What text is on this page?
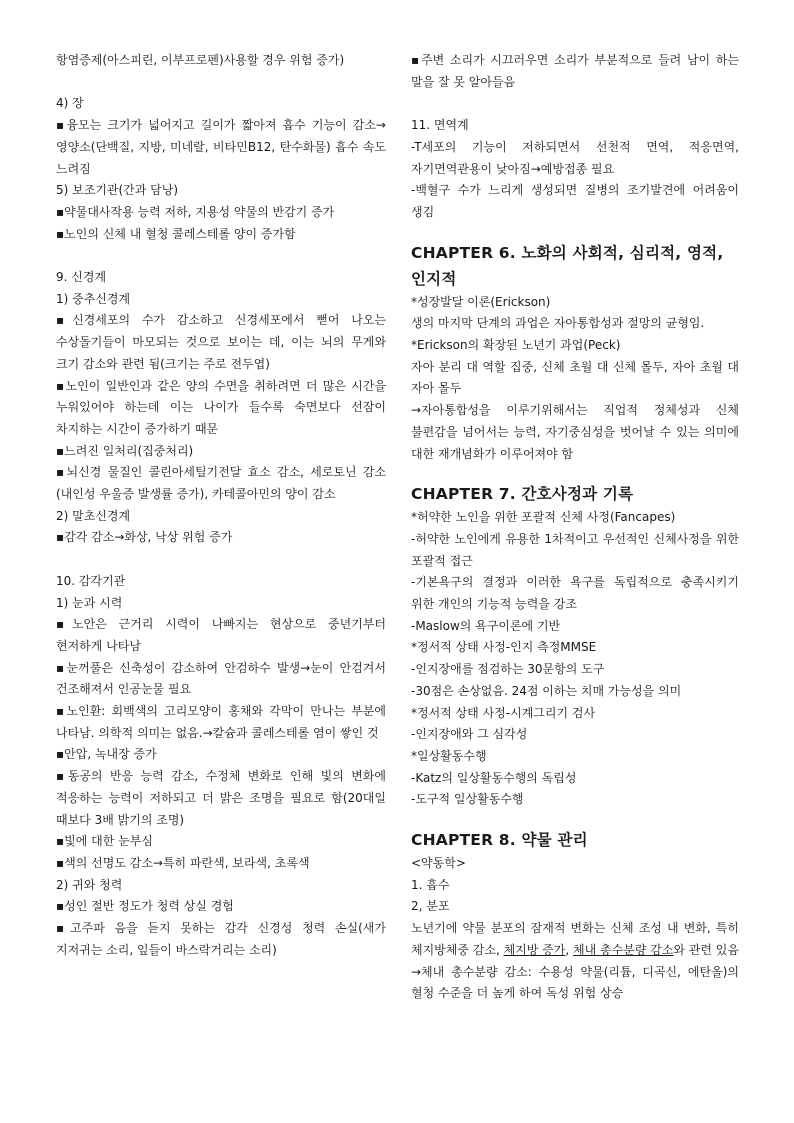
항염증제(아스피린, 이부프로펜)사용할 경우 위험 증가)

4) 장

▪융모는 크기가 넓어지고 길이가 짧아져 흡수 기능이 감소→영양소(단백질, 지방, 미네랄, 비타민B12, 탄수화물) 흡수 속도 느려짐

5) 보조기관(간과 담낭)

▪약물대사작용 능력 저하, 지용성 약물의 반감기 증가

▪노인의 신체 내 혈청 콜레스테롤 양이 증가함

9. 신경계

1) 중추신경계

▪신경세포의 수가 감소하고 신경세포에서 뻗어 나오는 수상돌기들이 마모되는 것으로 보이는 데, 이는 뇌의 무게와 크기 감소와 관련 됨(크기는 주로 전두엽)

▪노인이 일반인과 같은 양의 수면을 취하려면 더 많은 시간을 누워있어야 하는데 이는 나이가 들수록 숙면보다 선잠이 차지하는 시간이 증가하기 때문

▪느려진 일처리(집중처리)

▪뇌신경 물질인 콜린아세틸기전달 효소 감소, 세로토닌 감소(내인성 우울증 발생률 증가), 카테콜아민의 양이 감소

2) 말초신경계

▪감각 감소→화상, 낙상 위험 증가

10. 감각기관

1) 눈과 시력

▪노안은 근거리 시력이 나빠지는 현상으로 중년기부터 현저하게 나타남

▪눈꺼풀은 신축성이 감소하여 안검하수 발생→눈이 안검겨서 건조해져서 인공눈물 필요

▪노인환: 회백색의 고리모양이 홍채와 각막이 만나는 부분에 나타남. 의학적 의미는 없음.→칼슘과 콜레스테롤 염이 쌓인 것

▪안압, 녹내장 증가

▪동공의 반응 능력 감소, 수정체 변화로 인해 빛의 변화에 적응하는 능력이 저하되고 더 밝은 조명을 필요로 함(20대일 때보다 3배 밝기의 조명)

▪빛에 대한 눈부심

▪색의 선명도 감소→특히 파란색, 보라색, 초록색

2) 귀와 청력

▪성인 절반 정도가 청력 상실 경험

▪고주파 음을 듣지 못하는 감각 신경성 청력 손실(새가 지저귀는 소리, 잎들이 바스락거리는 소리)

▪주변 소리가 시끄러우면 소리가 부분적으로 들려 남이 하는 말을 잘 못 알아들음

11. 면역계

-T세포의 기능이 저하되면서 선천적 면역, 적응면역, 자기면역관용이 낮아짐→예방접종 필요

-백혈구 수가 느리게 생성되면 질병의 조기발견에 어려움이 생김

CHAPTER 6. 노화의 사회적, 심리적, 영적, 인지적

*성장발달 이론(Erickson)

생의 마지막 단계의 과업은 자아통합성과 절망의 균형임.

*Erickson의 확장된 노년기 과업(Peck)

자아 분리 대 역할 집중, 신체 초월 대 신체 몰두, 자아 초월 대 자아 몰두

→자아통합성을 이루기위해서는 직업적 정체성과 신체 불편감을 넘어서는 능력, 자기중심성을 벗어날 수 있는 의미에 대한 재개념화가 이루어져야 함

CHAPTER 7. 간호사정과 기록

*허약한 노인을 위한 포괄적 신체 사정(Fancapes)

-허약한 노인에게 유용한 1차적이고 우선적인 신체사정을 위한 포괄적 접근

-기본욕구의 결정과 이러한 욕구를 독립적으로 충족시키기 위한 개인의 기능적 능력을 강조

-Maslow의 욕구이론에 기반

*정서적 상태 사정-인지 측정MMSE

-인지장애를 점검하는 30문항의 도구

-30점은 손상없음. 24점 이하는 치매 가능성을 의미

*정서적 상태 사정-시계그리기 검사

-인지장애와 그 심각성

*일상활동수행

-Katz의 일상활동수행의 독립성

-도구적 일상활동수행

CHAPTER 8. 약물 관리

<약동학>

1. 흡수

2, 분포

노년기에 약물 분포의 잠재적 변화는 신체 조성 내 변화, 특히 체지방체중 감소, 체지방 증가, 체내 총수분량 감소와 관련 있음

→체내 총수분량 감소: 수용성 약물(리튬, 디곡신, 에탄올)의 혈청 수준을 더 높게 하여 독성 위험 상승
